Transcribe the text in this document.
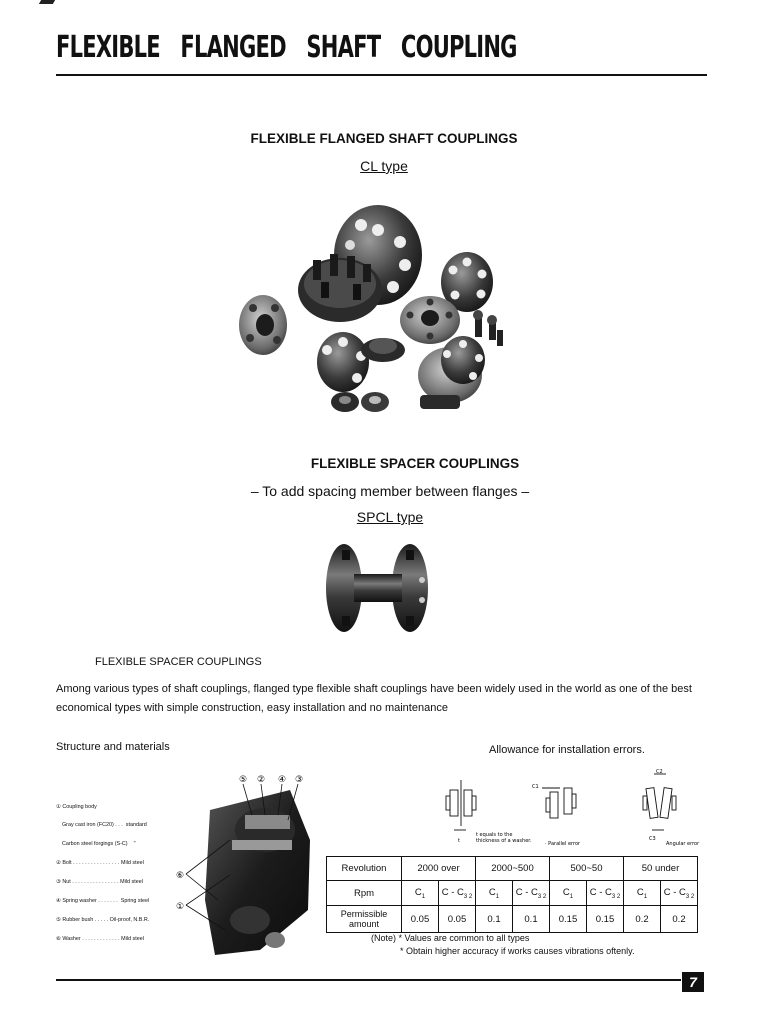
FLEXIBLE FLANGED SHAFT COUPLING
FLEXIBLE FLANGED SHAFT COUPLINGS
CL type
FLEXIBLE SPACER COUPLINGS
– To add spacing member between flanges –
SPCL type
FLEXIBLE SPACER COUPLINGS
Among various types of shaft couplings, flanged type flexible shaft couplings have been widely used in the world as one of the best economical types with simple construction, easy installation and no maintenance
Structure and materials	Allowance for installation errors.

① Coupling body

Gray cast iron (FC20) . . .  standard

Carbon steel forgings (S-C)    "

② Bolt . . . . . . . . . . . . . . . . Mild steel

③ Nut . . . . . . . . . . . . . . . . Mild steel

④ Spring washer . . . . . . .  Spring steel

⑤ Rubber bush . . . . . Oil-proof, N.B.R.

⑥ Washer . . . . . . . . . . . . . Mild steel

⑤ ② ④ ③
⑥
①
t equals to the
thickness of a washer.
t
C1
· Parallel error
C2
C3
Angular error
Revolution	2000 over		2000~500		500~50		50 under	
Rpm	$C_1$	C - $C_{3 2}$	$C_1$	C - $C_{3 2}$	$C_1$	C - $C_{3 2}$	$C_1$	C - $C_{3 2}$
Permissible amount	0.05	0.05	0.1	0.1	0.15	0.15	0.2	0.2
(Note) * Values are common to all types
* Obtain higher accuracy if works causes vibrations oftenly.
7
